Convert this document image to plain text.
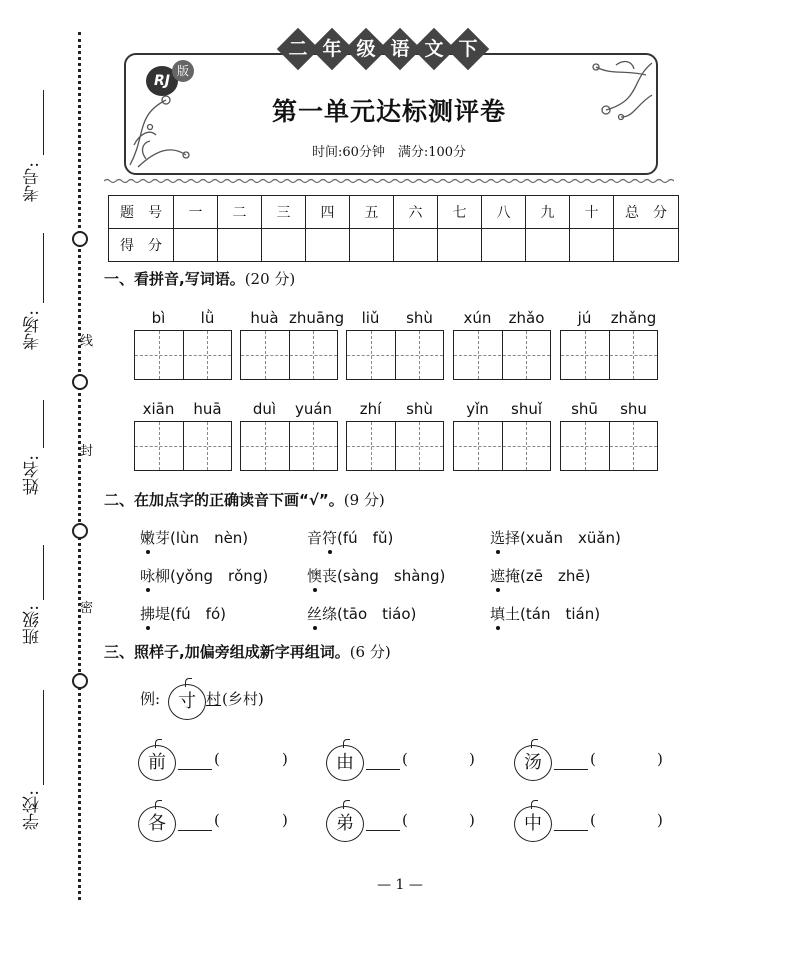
线
封
密
考号:
考场:
姓名:
班级:
学校:
二 年 级 语 文 下
RJ
版
第一单元达标测评卷
时间:60分钟　满分:100分
题　号	一	二	三	四	五	六	七	八	九	十	总　分
得　分											
一、看拼音,写词语。(20 分)
bì	lǜ	huà zhuāng	liǔ	shù	xún	zhǎo	jú	zhǎng
xiān	huā	duì	yuán	zhí	shù	yǐn	shuǐ	shū	shu
二、在加点字的正确读音下画“√”。(9 分)
嫩芽(lùn　nèn)	音符(fú　fǔ)	选择(xuǎn　xüǎn)
咏柳(yǒng　rǒng)	懊丧(sàng　shàng)	遮掩(zē　zhē)
拂堤(fú　fó)	丝绦(tāo　tiáo)	填土(tán　tián)
三、照样子,加偏旁组成新字再组词。(6 分)
例: 寸 村 (乡村)
前	(	)	由	(	)	汤	(	)
各	(	)	弟	(	)	中	(	)
— 1 —
